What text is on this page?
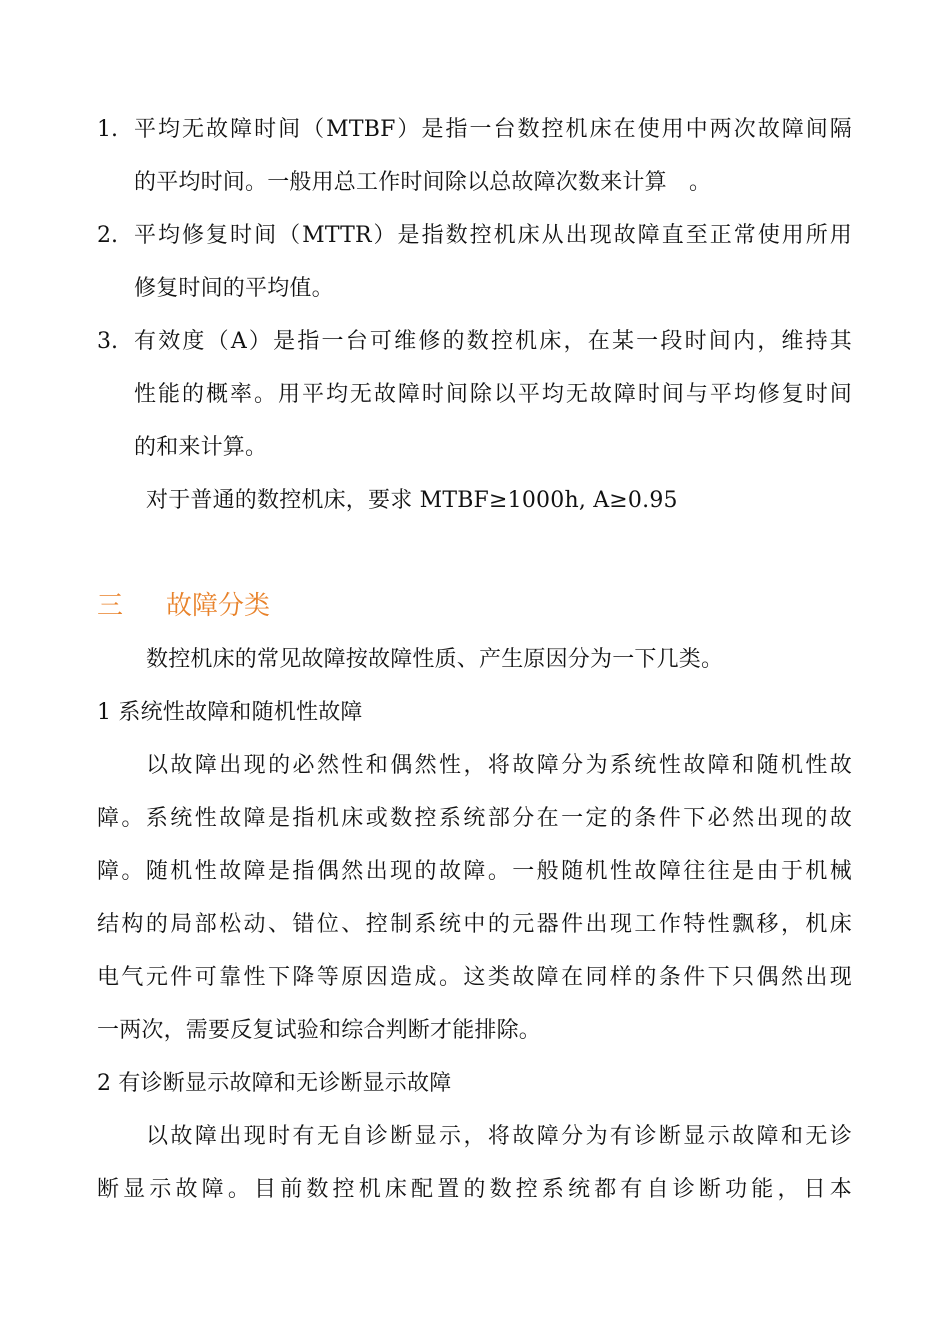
1. 平均无故障时间（MTBF）是指一台数控机床在使用中两次故障间隔
的平均时间。一般用总工作时间除以总故障次数来计算　。
2. 平均修复时间（MTTR）是指数控机床从出现故障直至正常使用所用
修复时间的平均值。
3. 有效度（A）是指一台可维修的数控机床，在某一段时间内，维持其
性能的概率。用平均无故障时间除以平均无故障时间与平均修复时间
的和来计算。
对于普通的数控机床，要求 MTBF≥1000h, A≥0.95
三 故障分类
数控机床的常见故障按故障性质、产生原因分为一下几类。
1 系统性故障和随机性故障
以故障出现的必然性和偶然性，将故障分为系统性故障和随机性故
障。系统性故障是指机床或数控系统部分在一定的条件下必然出现的故
障。随机性故障是指偶然出现的故障。一般随机性故障往往是由于机械
结构的局部松动、错位、控制系统中的元器件出现工作特性飘移，机床
电气元件可靠性下降等原因造成。这类故障在同样的条件下只偶然出现
一两次，需要反复试验和综合判断才能排除。
2 有诊断显示故障和无诊断显示故障
以故障出现时有无自诊断显示，将故障分为有诊断显示故障和无诊
断显示故障。目前数控机床配置的数控系统都有自诊断功能，日本
